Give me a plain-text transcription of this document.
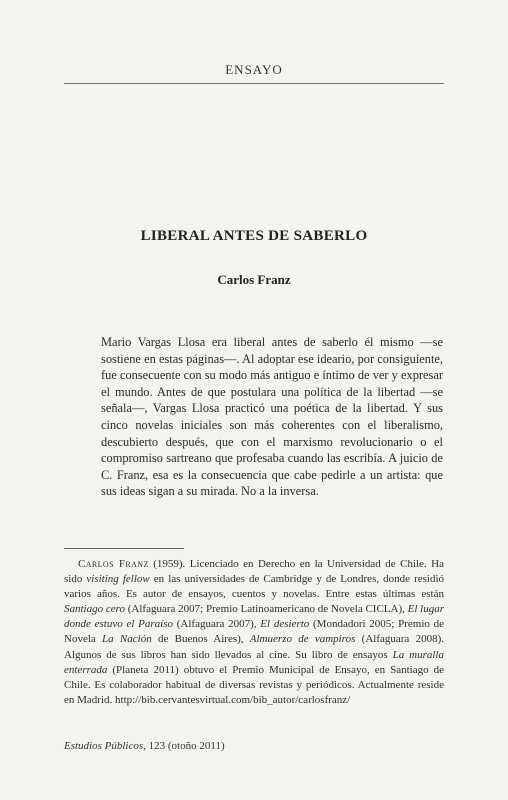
ENSAYO
LIBERAL ANTES DE SABERLO
Carlos Franz

Mario Vargas Llosa era liberal antes de saberlo él mismo —se sostiene en estas páginas—. Al adoptar ese ideario, por consiguiente, fue consecuente con su modo más antiguo e íntimo de ver y expresar el mundo. Antes de que postulara una política de la libertad —se señala—, Vargas Llosa practicó una poética de la libertad. Y sus cinco novelas iniciales son más coherentes con el liberalismo, descubierto después, que con el marxismo revolucionario o el compromiso sartreano que profesaba cuando las escribía. A juicio de C. Franz, esa es la consecuencia que cabe pedirle a un artista: que sus ideas sigan a su mirada. No a la inversa.

Carlos Franz (1959). Licenciado en Derecho en la Universidad de Chile. Ha sido visiting fellow en las universidades de Cambridge y de Londres, donde residió varios años. Es autor de ensayos, cuentos y novelas. Entre estas últimas están Santiago cero (Alfaguara 2007; Premio Latinoamericano de Novela CICLA), El lugar donde estuvo el Paraíso (Alfaguara 2007), El desierto (Mondadori 2005; Premio de Novela La Nación de Buenos Aires), Almuerzo de vampiros (Alfaguara 2008). Algunos de sus libros han sido llevados al cine. Su libro de ensayos La muralla enterrada (Planeta 2011) obtuvo el Premio Municipal de Ensayo, en Santiago de Chile. Es colaborador habitual de diversas revistas y periódicos. Actualmente reside en Madrid. http://bib.cervantesvirtual.com/bib_autor/carlosfranz/

Estudios Públicos, 123 (otoño 2011)
